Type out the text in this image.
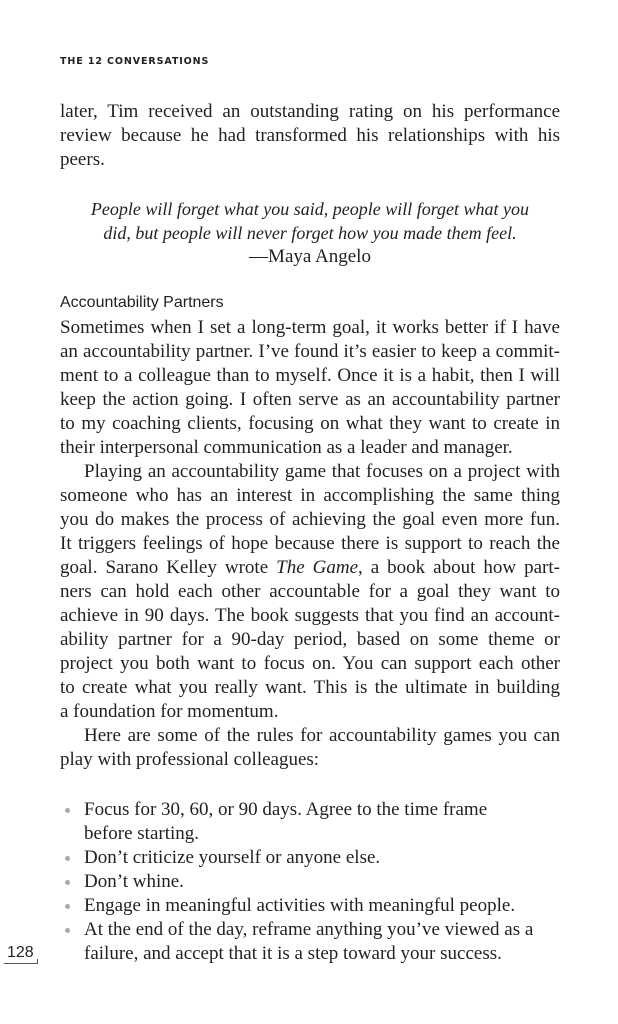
THE 12 CONVERSATIONS
later, Tim received an outstanding rating on his performance
review because he had transformed his relationships with his
peers.
People will forget what you said, people will forget what you
did, but people will never forget how you made them feel.
—Maya Angelo
Accountability Partners
Sometimes when I set a long-term goal, it works better if I have
an accountability partner. I’ve found it’s easier to keep a commit-
ment to a colleague than to myself. Once it is a habit, then I will
keep the action going. I often serve as an accountability partner
to my coaching clients, focusing on what they want to create in
their interpersonal communication as a leader and manager.
Playing an accountability game that focuses on a project with
someone who has an interest in accomplishing the same thing
you do makes the process of achieving the goal even more fun.
It triggers feelings of hope because there is support to reach the
goal. Sarano Kelley wrote The Game, a book about how part-
ners can hold each other accountable for a goal they want to
achieve in 90 days. The book suggests that you find an account-
ability partner for a 90-day period, based on some theme or
project you both want to focus on. You can support each other
to create what you really want. This is the ultimate in building
a foundation for momentum.
Here are some of the rules for accountability games you can
play with professional colleagues:
Focus for 30, 60, or 90 days. Agree to the time frame
before starting.
Don’t criticize yourself or anyone else.
Don’t whine.
Engage in meaningful activities with meaningful people.
At the end of the day, reframe anything you’ve viewed as a
failure, and accept that it is a step toward your success.
128
